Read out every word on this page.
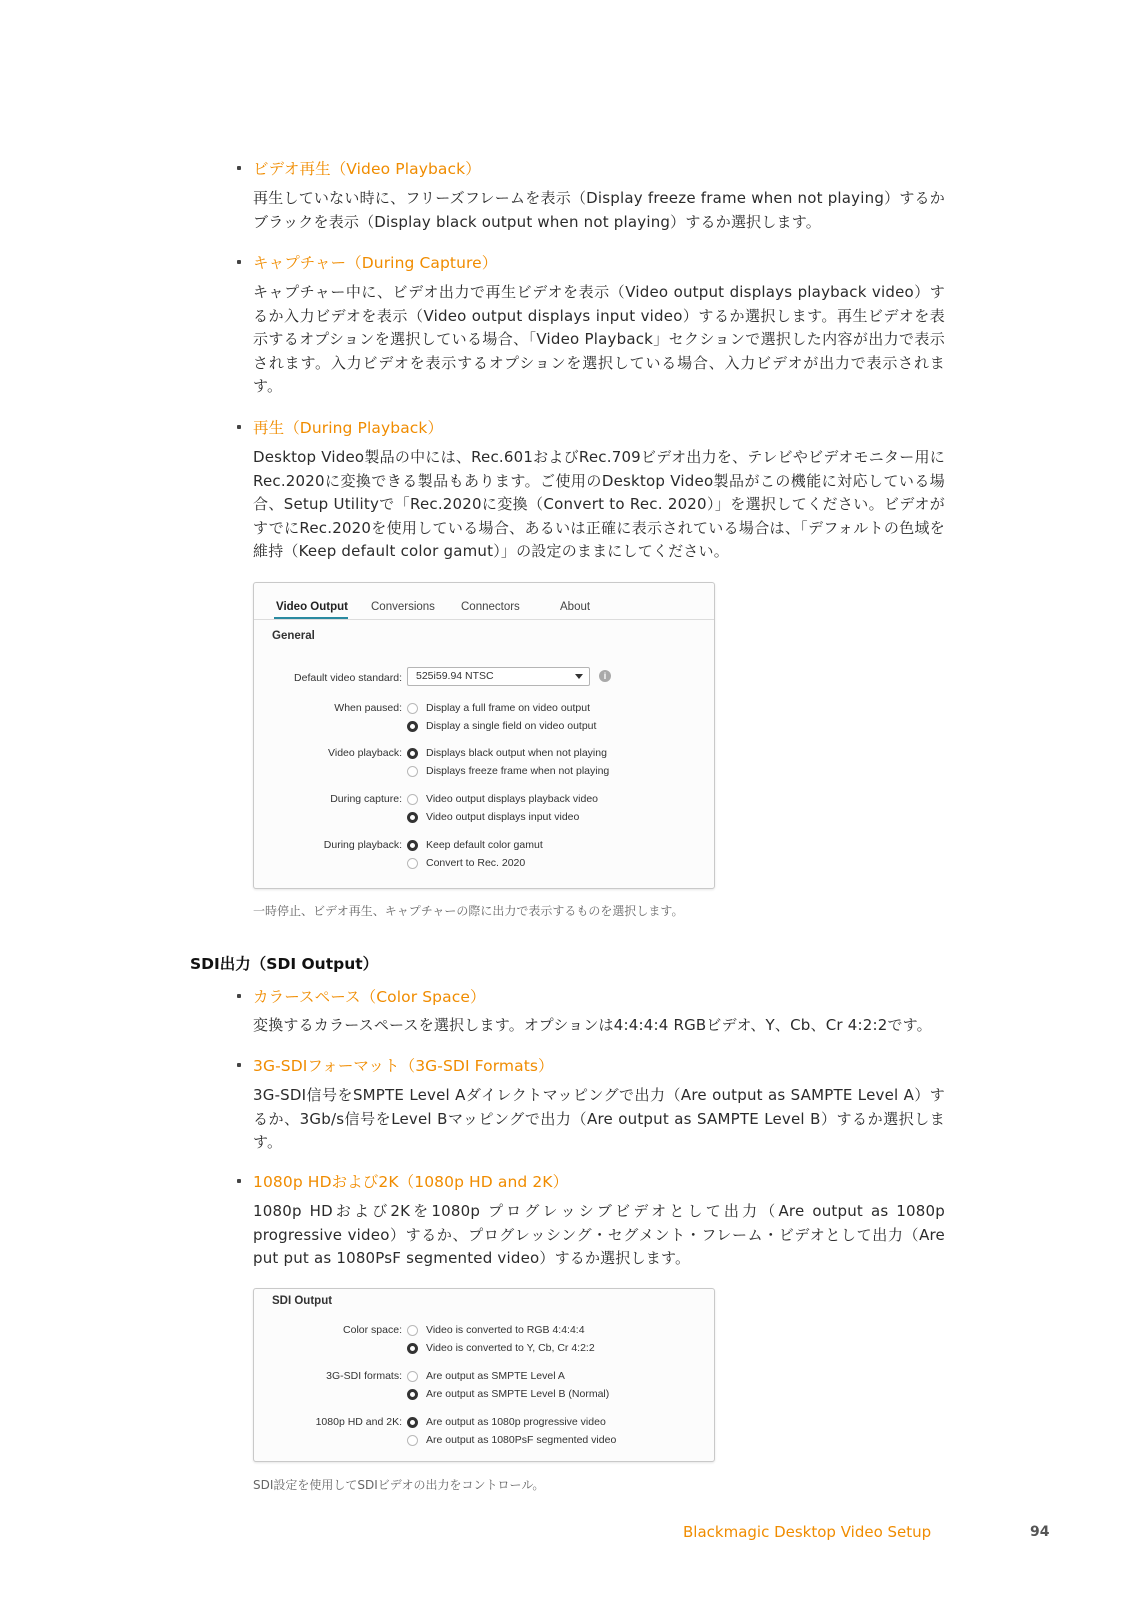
ビデオ再生（Video Playback）
再生していない時に、フリーズフレームを表示（Display freeze frame when not playing）するかブラックを表示（Display black output when not playing）するか選択します。
キャプチャー（During Capture）
キャプチャー中に、ビデオ出力で再生ビデオを表示（Video output displays playback video）するか入力ビデオを表示（Video output displays input video）するか選択します。再生ビデオを表示するオプションを選択している場合、「Video Playback」セクションで選択した内容が出力で表示されます。入力ビデオを表示するオプションを選択している場合、入力ビデオが出力で表示されます。
再生（During Playback）
Desktop Video製品の中には、Rec.601およびRec.709ビデオ出力を、テレビやビデオモニター用にRec.2020に変換できる製品もあります。ご使用のDesktop Video製品がこの機能に対応している場合、Setup Utilityで「Rec.2020に変換（Convert to Rec. 2020）」を選択してください。ビデオがすでにRec.2020を使用している場合、あるいは正確に表示されている場合は、「デフォルトの色域を維持（Keep default color gamut）」の設定のままにしてください。
Video Output Conversions Connectors	About
General
Default video standard:	525i59.94 NTSC	i
When paused: Display a full frame on video output
Display a single field on video output
Video playback: Displays black output when not playing
Displays freeze frame when not playing
During capture: Video output displays playback video
Video output displays input video
During playback: Keep default color gamut
Convert to Rec. 2020
一時停止、ビデオ再生、キャプチャーの際に出力で表示するものを選択します。
SDI出力（SDI Output）
カラースペース（Color Space）
変換するカラースペースを選択します。オプションは4:4:4:4 RGBビデオ、Y、Cb、Cr 4:2:2です。
3G-SDIフォーマット（3G-SDI Formats）
3G-SDI信号をSMPTE Level Aダイレクトマッピングで出力（Are output as SAMPTE Level A）するか、3Gb/s信号をLevel Bマッピングで出力（Are output as SAMPTE Level B）するか選択します。
1080p HDおよび2K（1080p HD and 2K）
1080p HDおよび2Kを1080p プログレッシブビデオとして出力（Are output as 1080p progressive video）するか、プログレッシング・セグメント・フレーム・ビデオとして出力（Are put put as 1080PsF segmented video）するか選択します。
SDI Output
Color space: Video is converted to RGB 4:4:4:4
Video is converted to Y, Cb, Cr 4:2:2
3G-SDI formats: Are output as SMPTE Level A
Are output as SMPTE Level B (Normal)
1080p HD and 2K: Are output as 1080p progressive video
Are output as 1080PsF segmented video
SDI設定を使用してSDIビデオの出力をコントロール。
Blackmagic Desktop Video Setup	94
